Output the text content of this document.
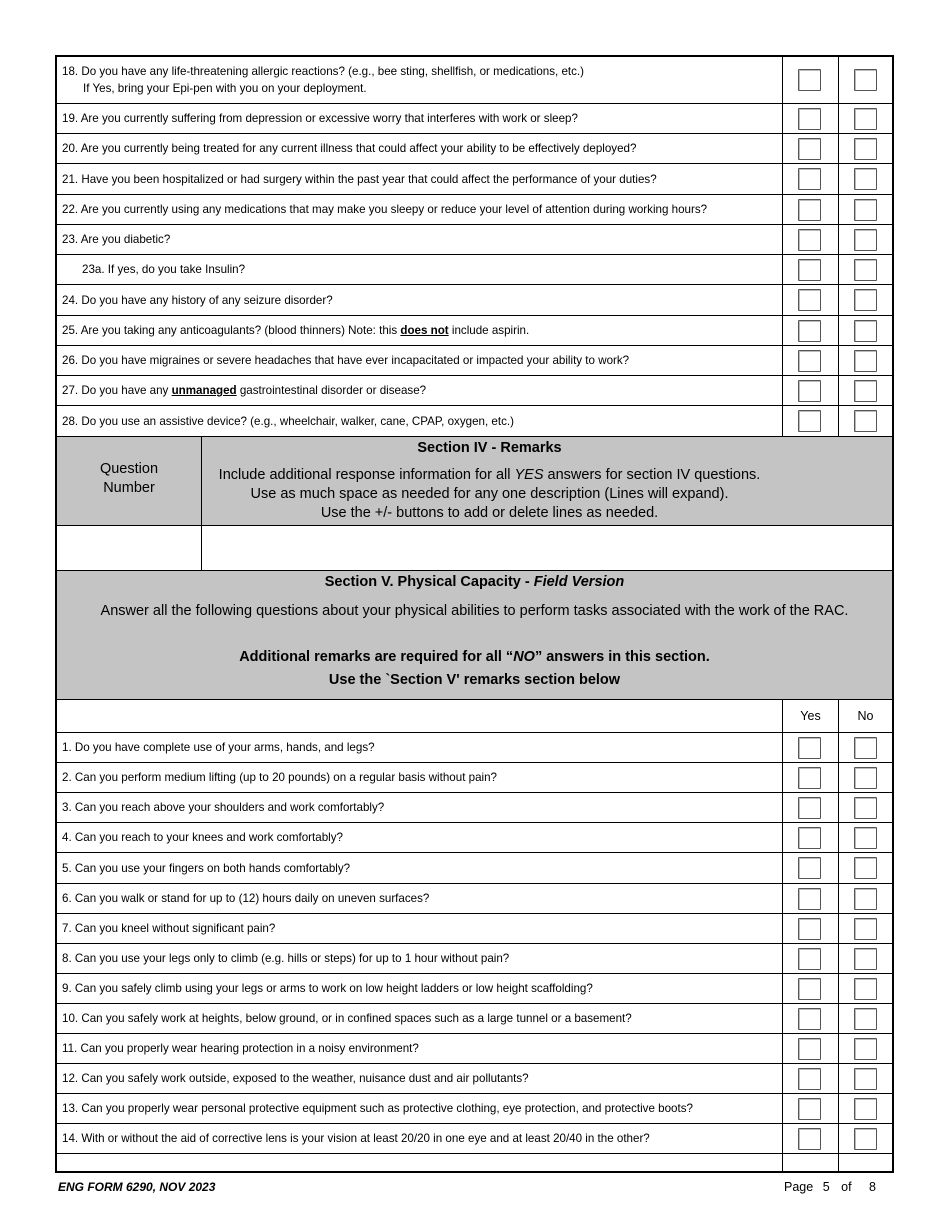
18. Do you have any life-threatening allergic reactions? (e.g., bee sting, shellfish, or medications, etc.)
If Yes, bring your Epi-pen with you on your deployment.
19. Are you currently suffering from depression or excessive worry that interferes with work or sleep?
20. Are you currently being treated for any current illness that could affect your ability to be effectively deployed?
21. Have you been hospitalized or had surgery within the past year that could affect the performance of your duties?
22. Are you currently using any medications that may make you sleepy or reduce your level of attention during working hours?
23. Are you diabetic?
23a. If yes, do you take Insulin?
24. Do you have any history of any seizure disorder?
25. Are you taking any anticoagulants? (blood thinners) Note: this does not include aspirin.
26. Do you have migraines or severe headaches that have ever incapacitated or impacted your ability to work?
27. Do you have any unmanaged gastrointestinal disorder or disease?
28. Do you use an assistive device? (e.g., wheelchair, walker, cane, CPAP, oxygen, etc.)
Question
Number
Section IV - Remarks
Include additional response information for all YES answers for section IV questions.
Use as much space as needed for any one description (Lines will expand).
Use the +/- buttons to add or delete lines as needed.
Section V. Physical Capacity - Field Version
Answer all the following questions about your physical abilities to perform tasks associated with the work of the RAC.
Additional remarks are required for all “NO” answers in this section.
Use the `Section V' remarks section below
Yes	No
1. Do you have complete use of your arms, hands, and legs?
2. Can you perform medium lifting (up to 20 pounds) on a regular basis without pain?
3. Can you reach above your shoulders and work comfortably?
4. Can you reach to your knees and work comfortably?
5. Can you use your fingers on both hands comfortably?
6. Can you walk or stand for up to (12) hours daily on uneven surfaces?
7. Can you kneel without significant pain?
8. Can you use your legs only to climb (e.g. hills or steps) for up to 1 hour without pain?
9. Can you safely climb using your legs or arms to work on low height ladders or low height scaffolding?
10. Can you safely work at heights, below ground, or in confined spaces such as a large tunnel or a basement?
11. Can you properly wear hearing protection in a noisy environment?
12. Can you safely work outside, exposed to the weather, nuisance dust and air pollutants?
13. Can you properly wear personal protective equipment such as protective clothing, eye protection, and protective boots?
14. With or without the aid of corrective lens is your vision at least 20/20 in one eye and at least 20/40 in the other?
ENG FORM 6290, NOV 2023	Page 5 of 8
